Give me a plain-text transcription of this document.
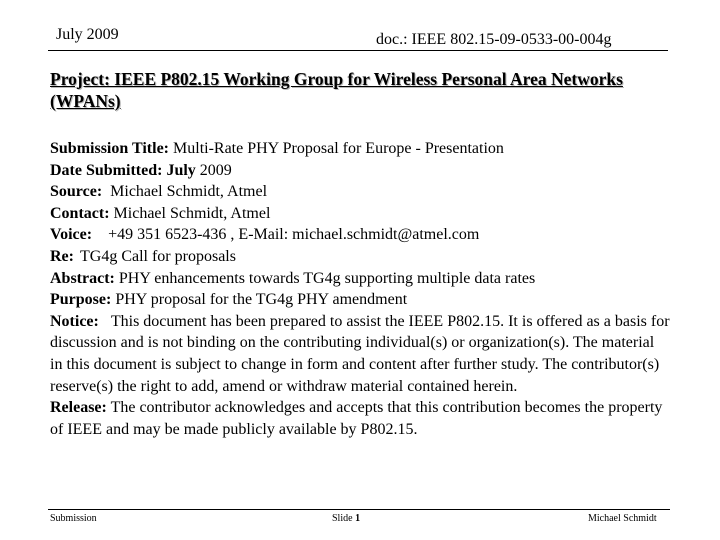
July 2009	doc.: IEEE 802.15-09-0533-00-004g
Project: IEEE P802.15 Working Group for Wireless Personal Area Networks (WPANs)
Submission Title: Multi-Rate PHY Proposal for Europe - Presentation
Date Submitted: July 2009
Source: Michael Schmidt, Atmel
Contact: Michael Schmidt, Atmel
Voice: +49 351 6523-436 , E-Mail: michael.schmidt@atmel.com
Re: TG4g Call for proposals
Abstract: PHY enhancements towards TG4g supporting multiple data rates
Purpose: PHY proposal for the TG4g PHY amendment
Notice: This document has been prepared to assist the IEEE P802.15. It is offered as a basis for discussion and is not binding on the contributing individual(s) or organization(s). The material in this document is subject to change in form and content after further study. The contributor(s) reserve(s) the right to add, amend or withdraw material contained herein.
Release: The contributor acknowledges and accepts that this contribution becomes the property of IEEE and may be made publicly available by P802.15.
Submission	Slide 1	Michael Schmidt
